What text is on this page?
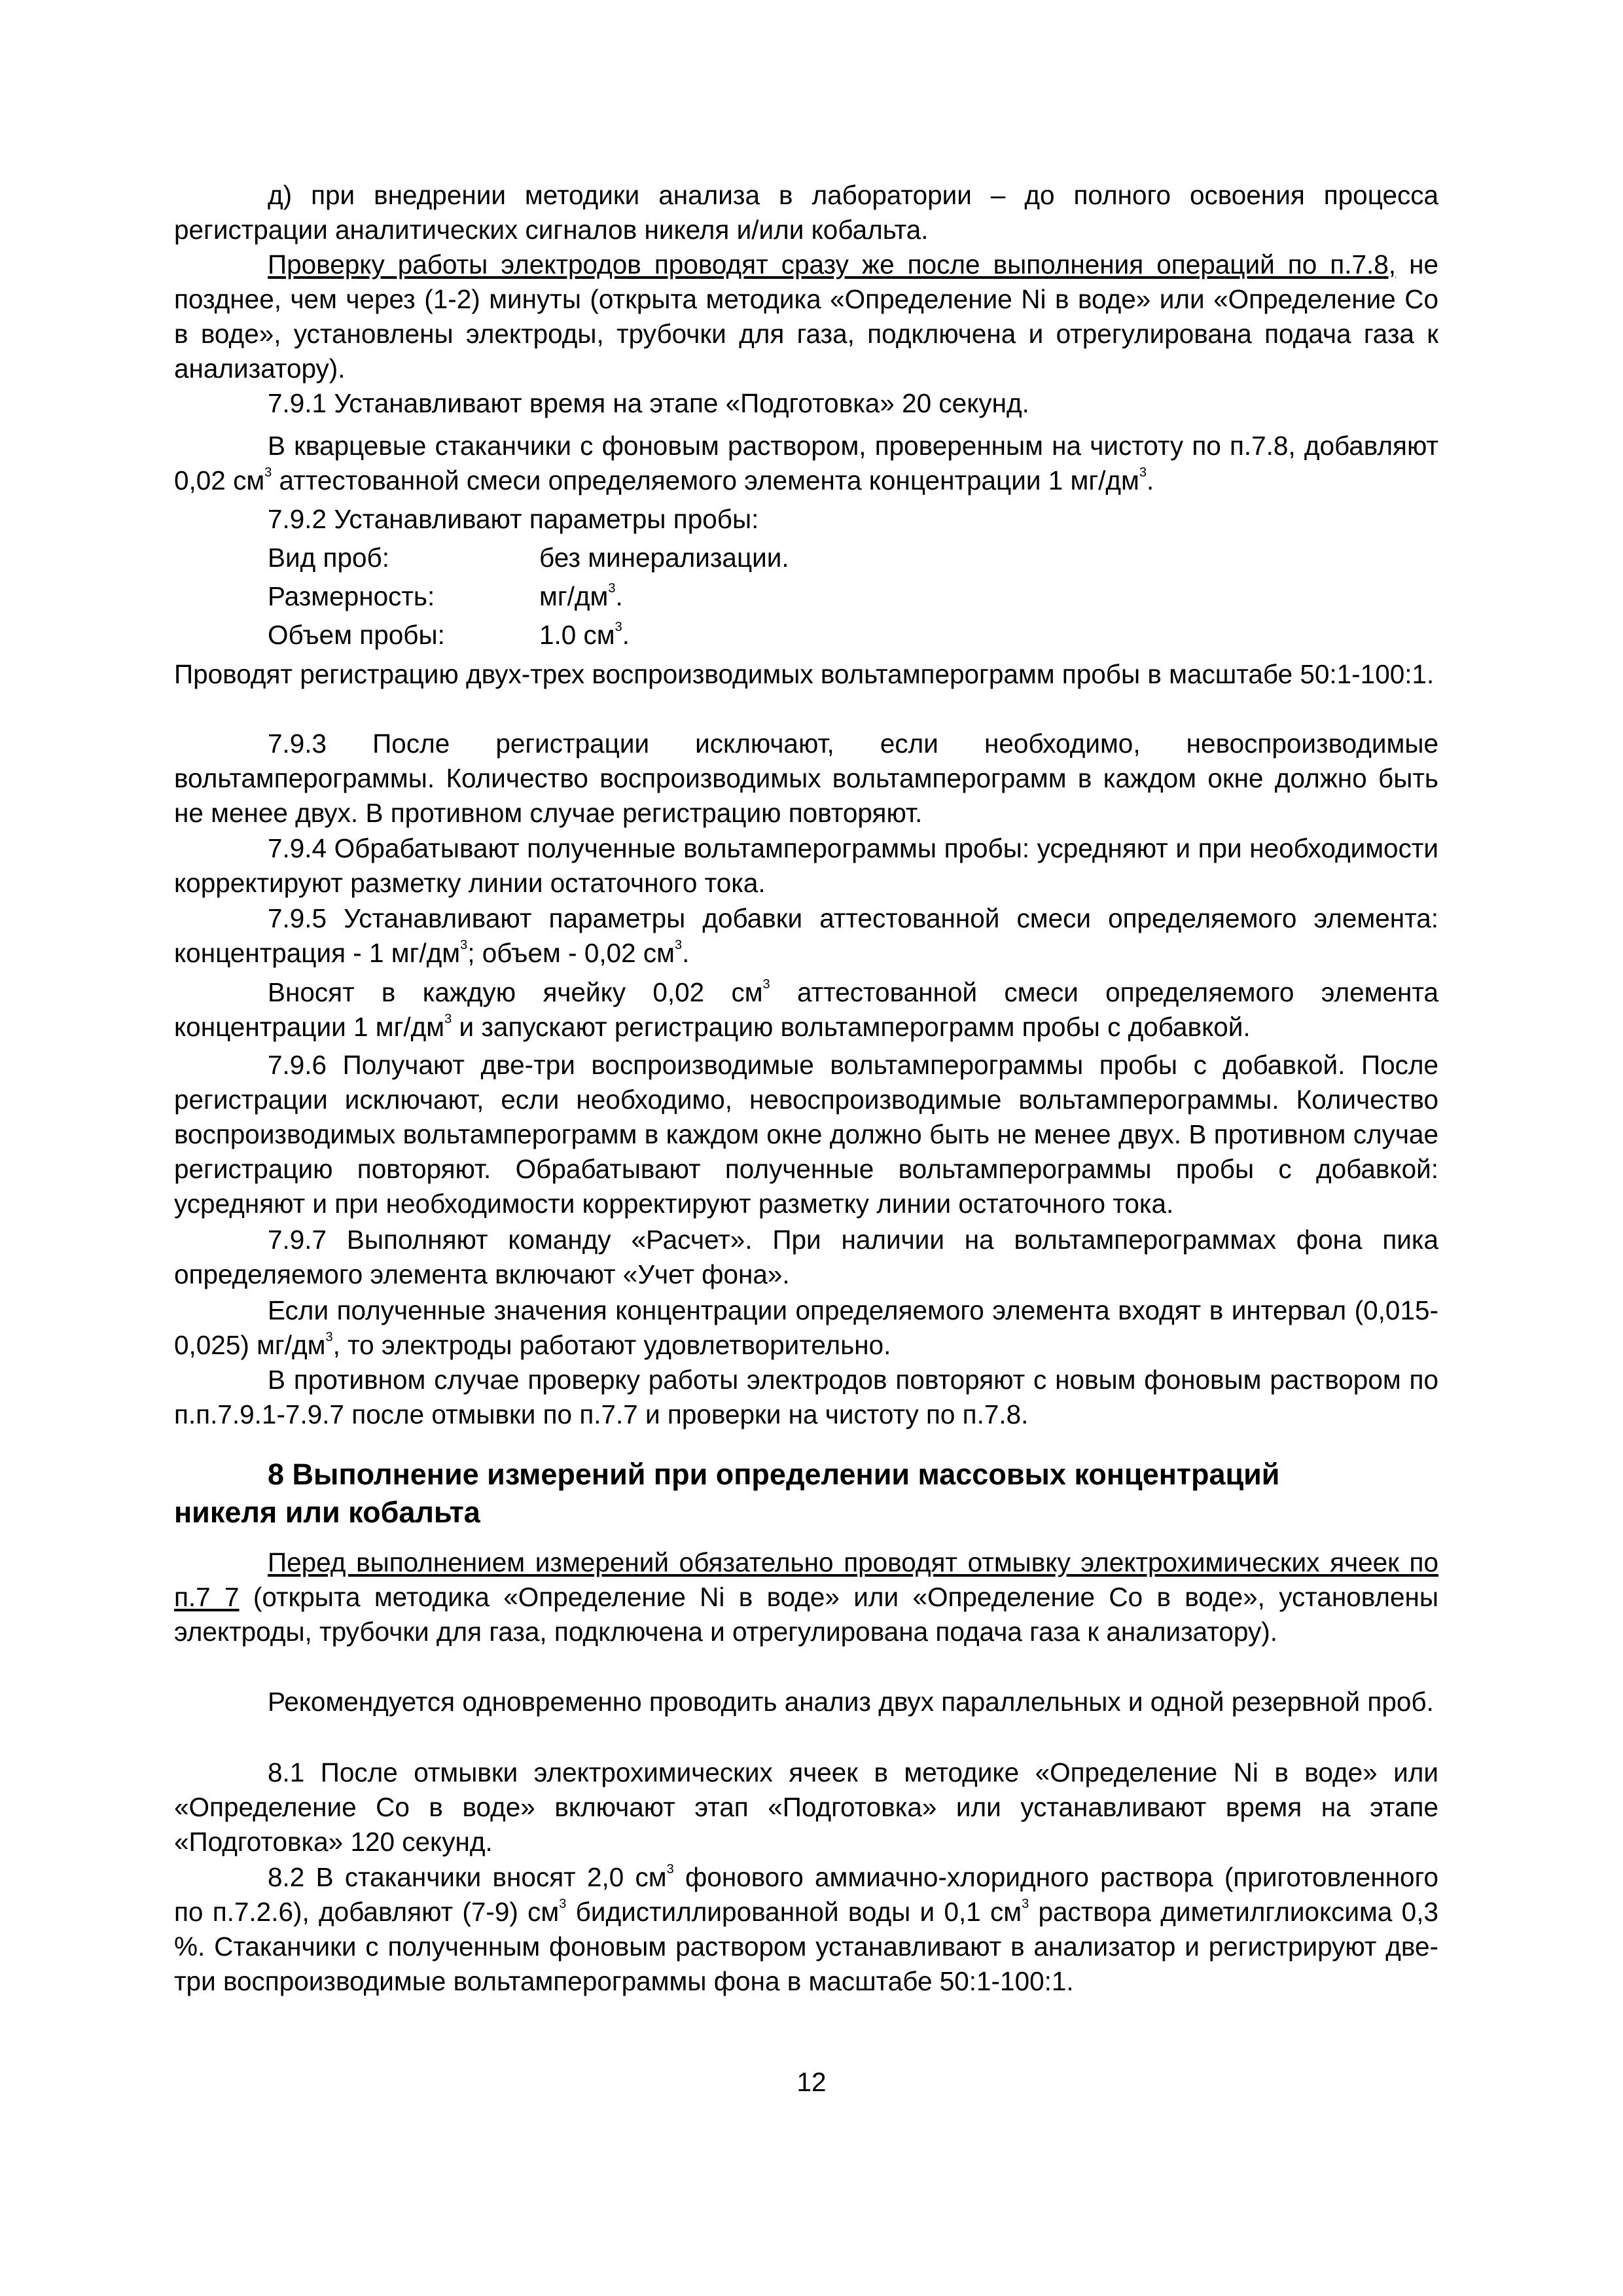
д) при внедрении методики анализа в лаборатории – до полного освоения процесса регистрации аналитических сигналов никеля и/или кобальта.

Проверку работы электродов проводят сразу же после выполнения операций по п.7.8, не позднее, чем через (1-2) минуты (открыта методика «Определение Ni в воде» или «Определение Co в воде», установлены электроды, трубочки для газа, подключена и отрегулирована подача газа к анализатору).

7.9.1 Устанавливают время на этапе «Подготовка» 20 секунд.

В кварцевые стаканчики с фоновым раствором, проверенным на чистоту по п.7.8, добавляют 0,02 $см^3$ аттестованной смеси определяемого элемента концентрации 1 $мг/дм^3$.

7.9.2 Устанавливают параметры пробы:

Вид проб:	без минерализации.
Размерность:	$мг/дм^3$.
Объем пробы:	1.0 $см^3$.

Проводят регистрацию двух-трех воспроизводимых вольтамперограмм пробы в масштабе 50:1-100:1.

7.9.3 После регистрации исключают, если необходимо, невоспроизводимые вольтамперограммы. Количество воспроизводимых вольтамперограмм в каждом окне должно быть не менее двух. В противном случае регистрацию повторяют.

7.9.4 Обрабатывают полученные вольтамперограммы пробы: усредняют и при необходимости корректируют разметку линии остаточного тока.

7.9.5 Устанавливают параметры добавки аттестованной смеси определяемого элемента: концентрация - 1 $мг/дм^3$; объем - 0,02 $см^3$.

Вносят в каждую ячейку 0,02 $см^3$ аттестованной смеси определяемого элемента концентрации 1 $мг/дм^3$ и запускают регистрацию вольтамперограмм пробы с добавкой.

7.9.6 Получают две-три воспроизводимые вольтамперограммы пробы с добавкой. После регистрации исключают, если необходимо, невоспроизводимые вольтамперограммы. Количество воспроизводимых вольтамперограмм в каждом окне должно быть не менее двух. В противном случае регистрацию повторяют. Обрабатывают полученные вольтамперограммы пробы с добавкой: усредняют и при необходимости корректируют разметку линии остаточного тока.

7.9.7 Выполняют команду «Расчет». При наличии на вольтамперограммах фона пика определяемого элемента включают «Учет фона».

Если полученные значения концентрации определяемого элемента входят в интервал (0,015-0,025) $мг/дм^3$, то электроды работают удовлетворительно.

В противном случае проверку работы электродов повторяют с новым фоновым раствором по п.п.7.9.1-7.9.7 после отмывки по п.7.7 и проверки на чистоту по п.7.8.

8 Выполнение измерений при определении массовых концентраций
никеля или кобальта

Перед выполнением измерений обязательно проводят отмывку электрохимических ячеек по п.7 7 (открыта методика «Определение Ni в воде» или «Определение Co в воде», установлены электроды, трубочки для газа, подключена и отрегулирована подача газа к анализатору).

Рекомендуется одновременно проводить анализ двух параллельных и одной резервной проб.

8.1 После отмывки электрохимических ячеек в методике «Определение Ni в воде» или «Определение Co в воде» включают этап «Подготовка» или устанавливают время на этапе «Подготовка» 120 секунд.

8.2 В стаканчики вносят 2,0 $см^3$ фонового аммиачно-хлоридного раствора (приготовленного по п.7.2.6), добавляют (7-9) $см^3$ бидистиллированной воды и 0,1 $см^3$ раствора диметилглиоксима 0,3 %. Стаканчики с полученным фоновым раствором устанавливают в анализатор и регистрируют две-три воспроизводимые вольтамперограммы фона в масштабе 50:1-100:1.

12
